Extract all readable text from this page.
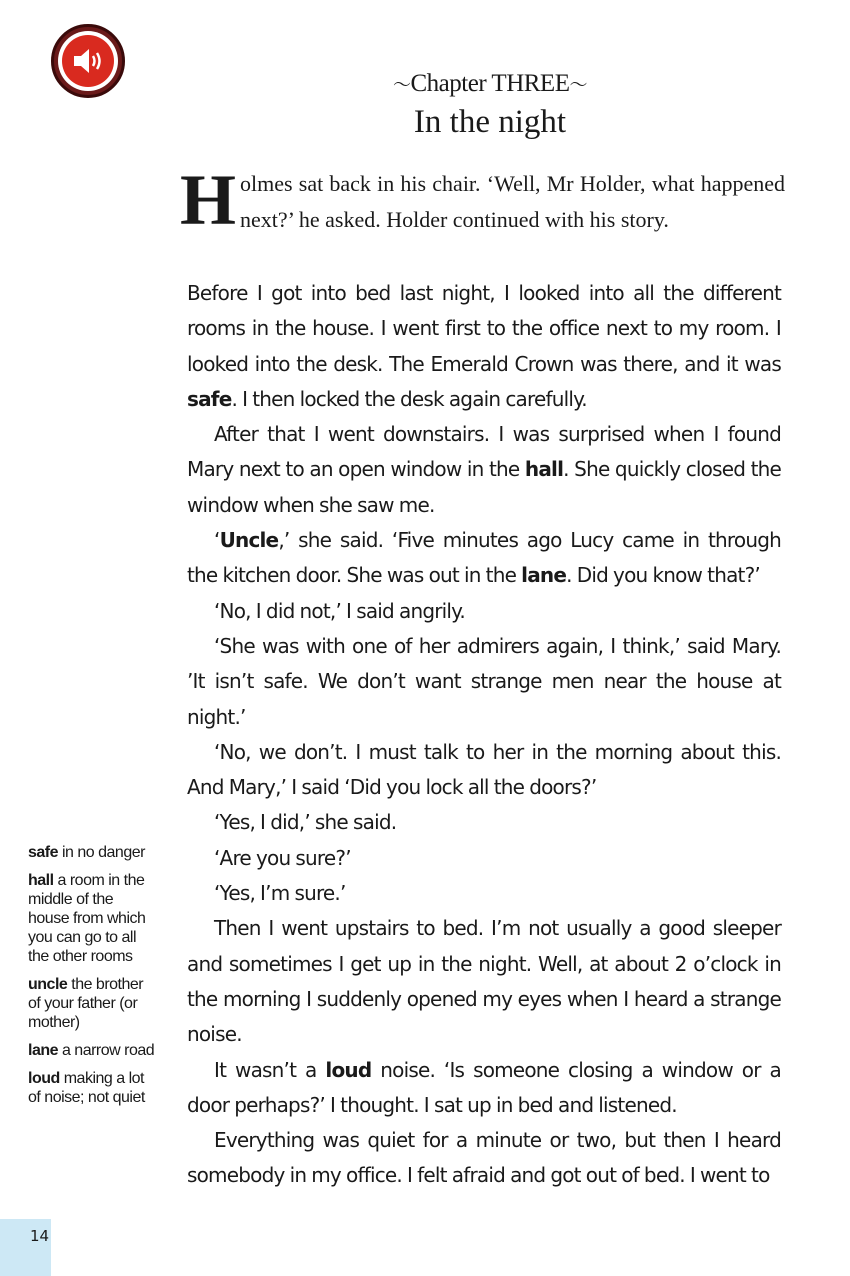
〜Chapter THREE〜
In the night
Holmes sat back in his chair. ‘Well, Mr Holder, what happened next?’ he asked. Holder continued with his story.

Before I got into bed last night, I looked into all the different rooms in the house. I went first to the office next to my room. I looked into the desk. The Emerald Crown was there, and it was safe. I then locked the desk again carefully.

After that I went downstairs. I was surprised when I found Mary next to an open window in the hall. She quickly closed the window when she saw me.

‘Uncle,’ she said. ‘Five minutes ago Lucy came in through the kitchen door. She was out in the lane. Did you know that?’

‘No, I did not,’ I said angrily.

‘She was with one of her admirers again, I think,’ said Mary. ’It isn’t safe. We don’t want strange men near the house at night.’

‘No, we don’t. I must talk to her in the morning about this. And Mary,’ I said ‘Did you lock all the doors?’

‘Yes, I did,’ she said.

‘Are you sure?’

‘Yes, I’m sure.’

Then I went upstairs to bed. I’m not usually a good sleeper and sometimes I get up in the night. Well, at about 2 o’clock in the morning I suddenly opened my eyes when I heard a strange noise.

It wasn’t a loud noise. ‘Is someone closing a window or a door perhaps?’ I thought. I sat up in bed and listened.

Everything was quiet for a minute or two, but then I heard somebody in my office. I felt afraid and got out of bed. I went to

safe in no danger
hall a room in the middle of the house from which you can go to all the other rooms
uncle the brother of your father (or mother)
lane a narrow road
loud making a lot of noise; not quiet
14
